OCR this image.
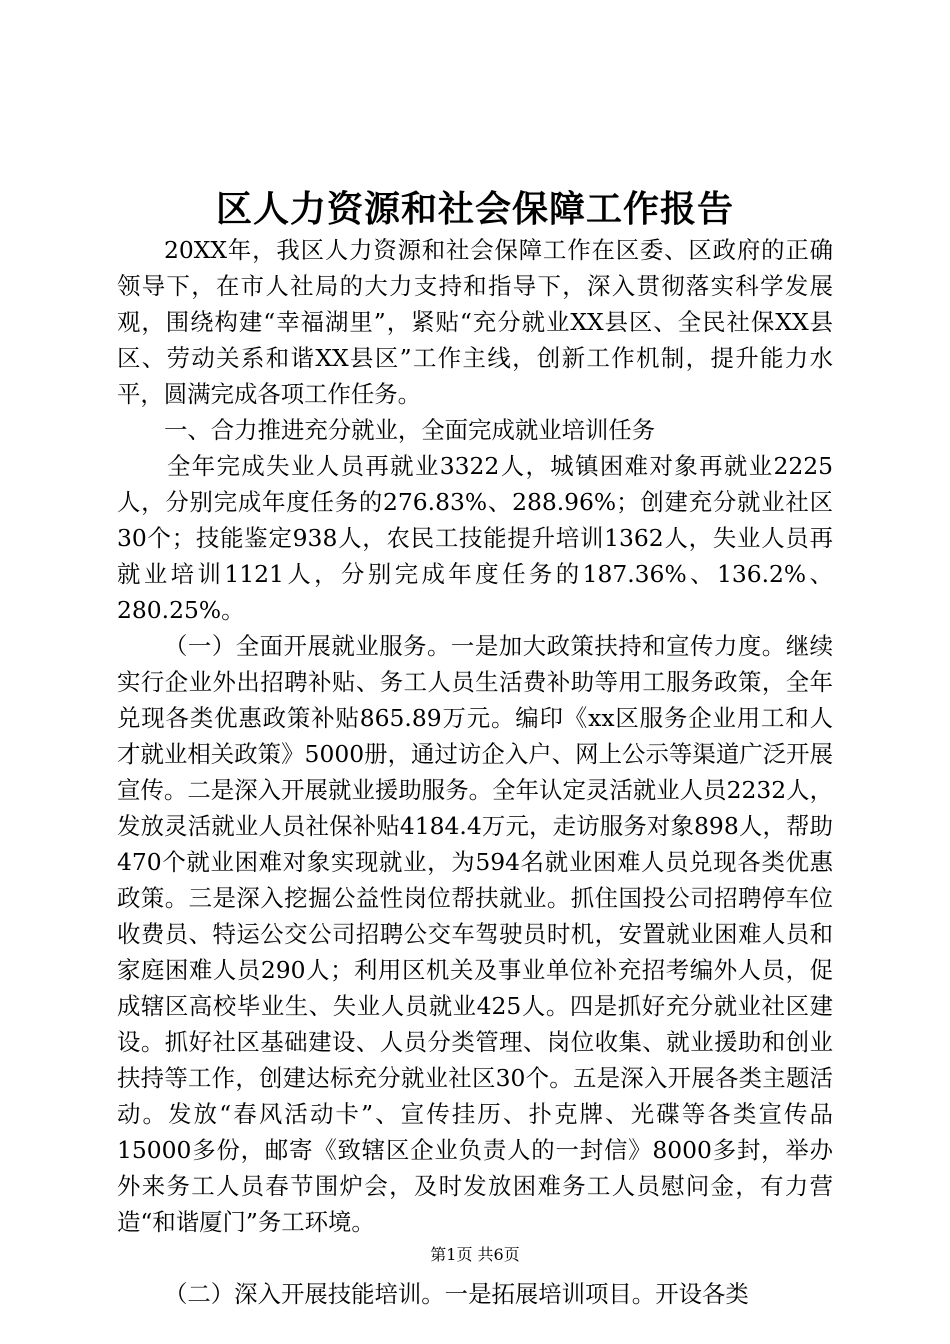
区人力资源和社会保障工作报告

20XX年，我区人力资源和社会保障工作在区委、区政府的正确领导下，在市人社局的大力支持和指导下，深入贯彻落实科学发展观，围绕构建“幸福湖里”，紧贴“充分就业XX县区、全民社保XX县区、劳动关系和谐XX县区”工作主线，创新工作机制，提升能力水平，圆满完成各项工作任务。

一、合力推进充分就业，全面完成就业培训任务

全年完成失业人员再就业3322人，城镇困难对象再就业2225人，分别完成年度任务的276.83%、288.96%；创建充分就业社区30个；技能鉴定938人，农民工技能提升培训1362人，失业人员再就业培训1121人，分别完成年度任务的187.36%、136.2%、280.25%。

（一）全面开展就业服务。一是加大政策扶持和宣传力度。继续实行企业外出招聘补贴、务工人员生活费补助等用工服务政策，全年兑现各类优惠政策补贴865.89万元。编印《xx区服务企业用工和人才就业相关政策》5000册，通过访企入户、网上公示等渠道广泛开展宣传。二是深入开展就业援助服务。全年认定灵活就业人员2232人，发放灵活就业人员社保补贴4184.4万元，走访服务对象898人，帮助470个就业困难对象实现就业，为594名就业困难人员兑现各类优惠政策。三是深入挖掘公益性岗位帮扶就业。抓住国投公司招聘停车位收费员、特运公交公司招聘公交车驾驶员时机，安置就业困难人员和家庭困难人员290人；利用区机关及事业单位补充招考编外人员，促成辖区高校毕业生、失业人员就业425人。四是抓好充分就业社区建设。抓好社区基础建设、人员分类管理、岗位收集、就业援助和创业扶持等工作，创建达标充分就业社区30个。五是深入开展各类主题活动。发放“春风活动卡”、宣传挂历、扑克牌、光碟等各类宣传品15000多份，邮寄《致辖区企业负责人的一封信》8000多封，举办外来务工人员春节围炉会，及时发放困难务工人员慰问金，有力营造“和谐厦门”务工环境。

（二）深入开展技能培训。一是拓展培训项目。开设各类

第1页 共6页
